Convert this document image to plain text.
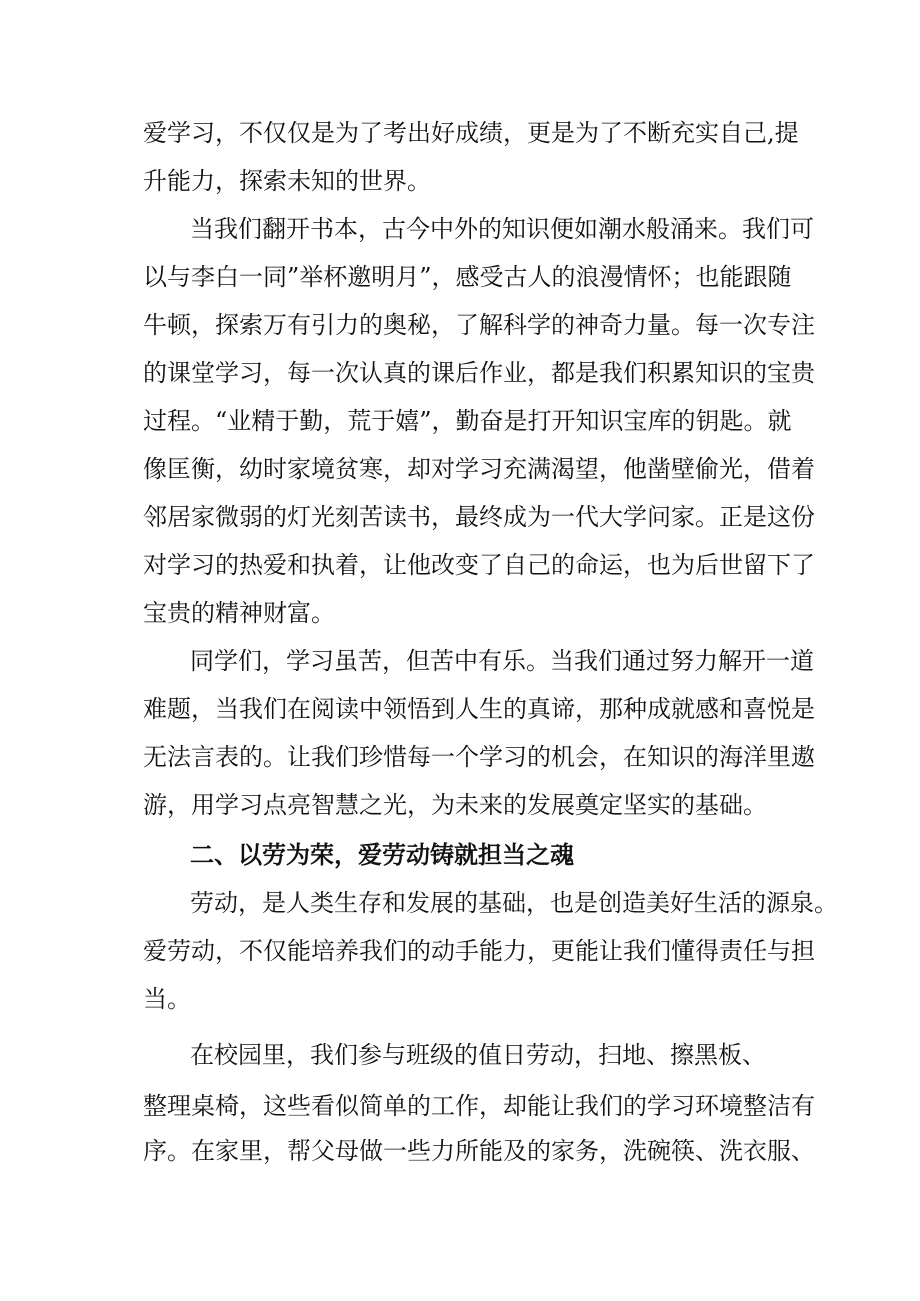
爱学习，不仅仅是为了考出好成绩，更是为了不断充实自己,提
升能力，探索未知的世界。
当我们翻开书本，古今中外的知识便如潮水般涌来。我们可
以与李白一同”举杯邀明月”，感受古人的浪漫情怀；也能跟随
牛顿，探索万有引力的奥秘，了解科学的神奇力量。每一次专注
的课堂学习，每一次认真的课后作业，都是我们积累知识的宝贵
过程。“业精于勤，荒于嬉”，勤奋是打开知识宝库的钥匙。就
像匡衡，幼时家境贫寒，却对学习充满渴望，他凿壁偷光，借着
邻居家微弱的灯光刻苦读书，最终成为一代大学问家。正是这份
对学习的热爱和执着，让他改变了自己的命运，也为后世留下了
宝贵的精神财富。
同学们，学习虽苦，但苦中有乐。当我们通过努力解开一道
难题，当我们在阅读中领悟到人生的真谛，那种成就感和喜悦是
无法言表的。让我们珍惜每一个学习的机会，在知识的海洋里遨
游，用学习点亮智慧之光，为未来的发展奠定坚实的基础。
二、以劳为荣，爱劳动铸就担当之魂
劳动，是人类生存和发展的基础，也是创造美好生活的源泉。
爱劳动，不仅能培养我们的动手能力，更能让我们懂得责任与担
当。
在校园里，我们参与班级的值日劳动，扫地、擦黑板、
整理桌椅，这些看似简单的工作，却能让我们的学习环境整洁有
序。在家里，帮父母做一些力所能及的家务，洗碗筷、洗衣服、
